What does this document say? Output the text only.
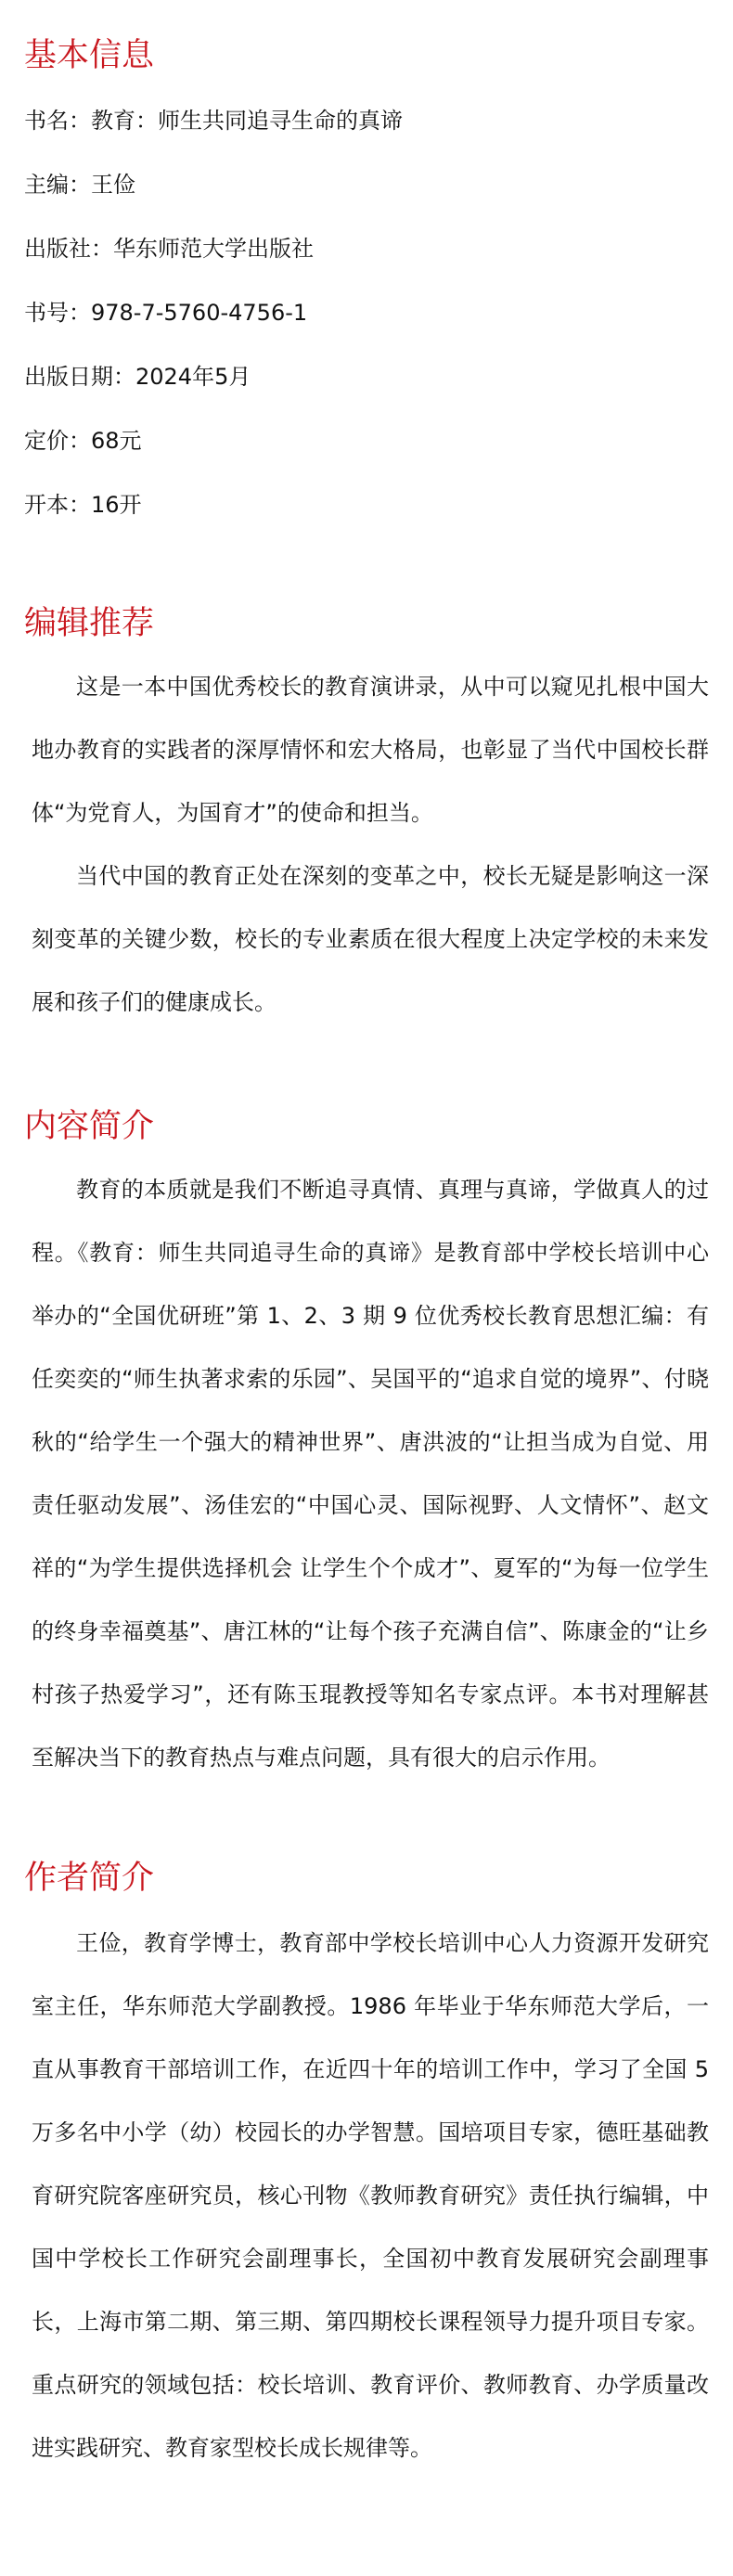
基本信息
书名：教育：师生共同追寻生命的真谛
主编：王俭
出版社：华东师范大学出版社
书号：978-7-5760-4756-1
出版日期：2024年5月
定价：68元
开本：16开
编辑推荐

这是一本中国优秀校长的教育演讲录，从中可以窥见扎根中国大地办教育的实践者的深厚情怀和宏大格局，也彰显了当代中国校长群体“为党育人，为国育才”的使命和担当。

当代中国的教育正处在深刻的变革之中，校长无疑是影响这一深刻变革的关键少数，校长的专业素质在很大程度上决定学校的未来发展和孩子们的健康成长。

内容简介

教育的本质就是我们不断追寻真情、真理与真谛，学做真人的过程。《教育：师生共同追寻生命的真谛》是教育部中学校长培训中心举办的“全国优研班”第 1、2、3 期 9 位优秀校长教育思想汇编：有任奕奕的“师生执著求索的乐园”、吴国平的“追求自觉的境界”、付晓秋的“给学生一个强大的精神世界”、唐洪波的“让担当成为自觉、用责任驱动发展”、汤佳宏的“中国心灵、国际视野、人文情怀”、赵文祥的“为学生提供选择机会 让学生个个成才”、夏军的“为每一位学生的终身幸福奠基”、唐江林的“让每个孩子充满自信”、陈康金的“让乡村孩子热爱学习”，还有陈玉琨教授等知名专家点评。本书对理解甚至解决当下的教育热点与难点问题，具有很大的启示作用。

作者简介

王俭，教育学博士，教育部中学校长培训中心人力资源开发研究室主任，华东师范大学副教授。1986 年毕业于华东师范大学后，一直从事教育干部培训工作，在近四十年的培训工作中，学习了全国 5 万多名中小学（幼）校园长的办学智慧。国培项目专家，德旺基础教育研究院客座研究员，核心刊物《教师教育研究》责任执行编辑，中国中学校长工作研究会副理事长，全国初中教育发展研究会副理事长，上海市第二期、第三期、第四期校长课程领导力提升项目专家。重点研究的领域包括：校长培训、教育评价、教师教育、办学质量改进实践研究、教育家型校长成长规律等。
